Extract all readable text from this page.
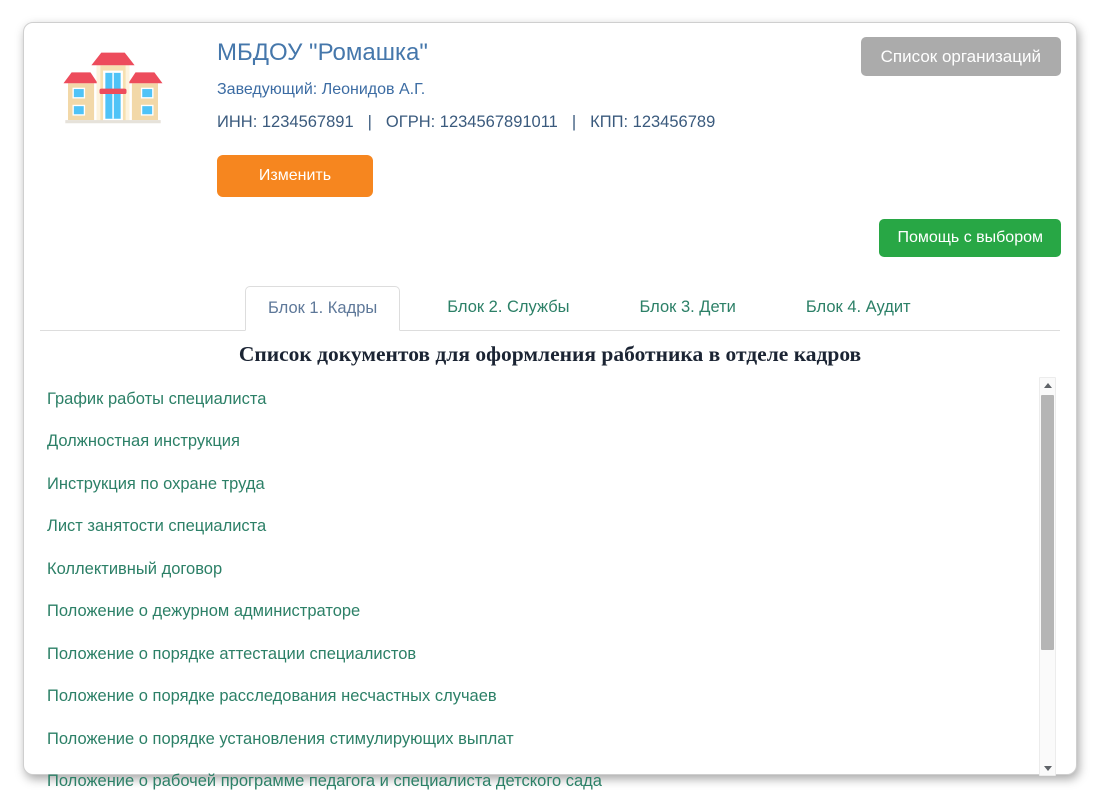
МБДОУ "Ромашка"
Заведующий: Леонидов А.Г.
ИНН: 1234567891 | ОГРН: 1234567891011 | КПП: 123456789
Список организаций
Изменить
Помощь с выбором
Блок 1. Кадры	Блок 2. Службы	Блок 3. Дети	Блок 4. Аудит
Список документов для оформления работника в отделе кадров
График работы специалиста
Должностная инструкция
Инструкция по охране труда
Лист занятости специалиста
Коллективный договор
Положение о дежурном администраторе
Положение о порядке аттестации специалистов
Положение о порядке расследования несчастных случаев
Положение о порядке установления стимулирующих выплат
Положение о рабочей программе педагога и специалиста детского сада
